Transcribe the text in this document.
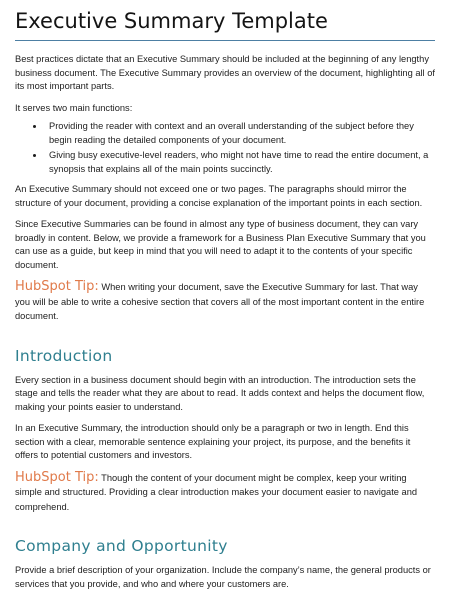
Executive Summary Template

Best practices dictate that an Executive Summary should be included at the beginning of any lengthy business document. The Executive Summary provides an overview of the document, highlighting all of its most important parts.

It serves two main functions:

• Providing the reader with context and an overall understanding of the subject before they begin reading the detailed components of your document.
• Giving busy executive-level readers, who might not have time to read the entire document, a synopsis that explains all of the main points succinctly.

An Executive Summary should not exceed one or two pages. The paragraphs should mirror the structure of your document, providing a concise explanation of the important points in each section.

Since Executive Summaries can be found in almost any type of business document, they can vary broadly in content. Below, we provide a framework for a Business Plan Executive Summary that you can use as a guide, but keep in mind that you will need to adapt it to the contents of your specific document.

HubSpot Tip: When writing your document, save the Executive Summary for last. That way you will be able to write a cohesive section that covers all of the most important content in the entire document.

Introduction

Every section in a business document should begin with an introduction. The introduction sets the stage and tells the reader what they are about to read. It adds context and helps the document flow, making your points easier to understand.

In an Executive Summary, the introduction should only be a paragraph or two in length. End this section with a clear, memorable sentence explaining your project, its purpose, and the benefits it offers to potential customers and investors.

HubSpot Tip: Though the content of your document might be complex, keep your writing simple and structured. Providing a clear introduction makes your document easier to navigate and comprehend.

Company and Opportunity

Provide a brief description of your organization. Include the company’s name, the general products or services that you provide, and who and where your customers are.
